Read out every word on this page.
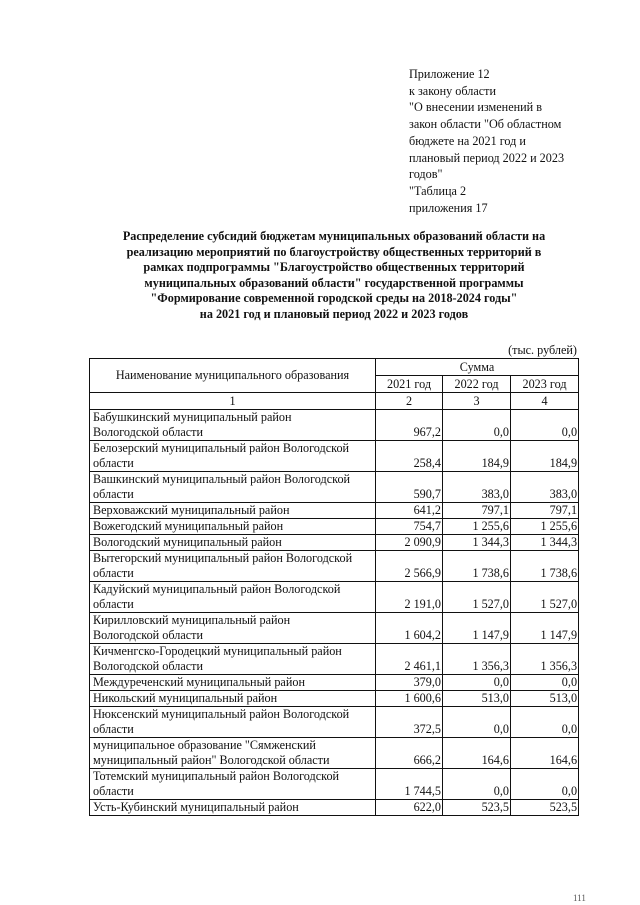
Приложение 12
к закону области
"О внесении изменений в
закон области "Об областном
бюджете на 2021 год и
плановый период 2022 и 2023
годов"
"Таблица 2
приложения 17
Распределение субсидий бюджетам муниципальных образований области на
реализацию мероприятий по благоустройству общественных территорий в
рамках подпрограммы "Благоустройство общественных территорий
муниципальных образований области" государственной программы
"Формирование современной городской среды на 2018-2024 годы"
на 2021 год и плановый период 2022 и 2023 годов
(тыс. рублей)
Наименование муниципального образования	Сумма		
	2021 год	2022 год	2023 год
1	2	3	4

Бабушкинский муниципальный район
Вологодской области	967,2	0,0	0,0

Белозерский муниципальный район Вологодской
области	258,4	184,9	184,9

Вашкинский муниципальный район Вологодской
области	590,7	383,0	383,0

Верховажский муниципальный район	641,2	797,1	797,1

Вожегодский муниципальный район	754,7	1 255,6	1 255,6

Вологодский муниципальный район	2 090,9	1 344,3	1 344,3

Вытегорский муниципальный район Вологодской
области	2 566,9	1 738,6	1 738,6

Кадуйский муниципальный район Вологодской
области	2 191,0	1 527,0	1 527,0

Кирилловский муниципальный район
Вологодской области	1 604,2	1 147,9	1 147,9

Кичменгско-Городецкий муниципальный район
Вологодской области	2 461,1	1 356,3	1 356,3

Междуреченский муниципальный район	379,0	0,0	0,0

Никольский муниципальный район	1 600,6	513,0	513,0

Нюксенский муниципальный район Вологодской
области	372,5	0,0	0,0

муниципальное образование "Сямженский
муниципальный район" Вологодской области	666,2	164,6	164,6

Тотемский муниципальный район Вологодской
области	1 744,5	0,0	0,0

Усть-Кубинский муниципальный район	622,0	523,5	523,5
111
